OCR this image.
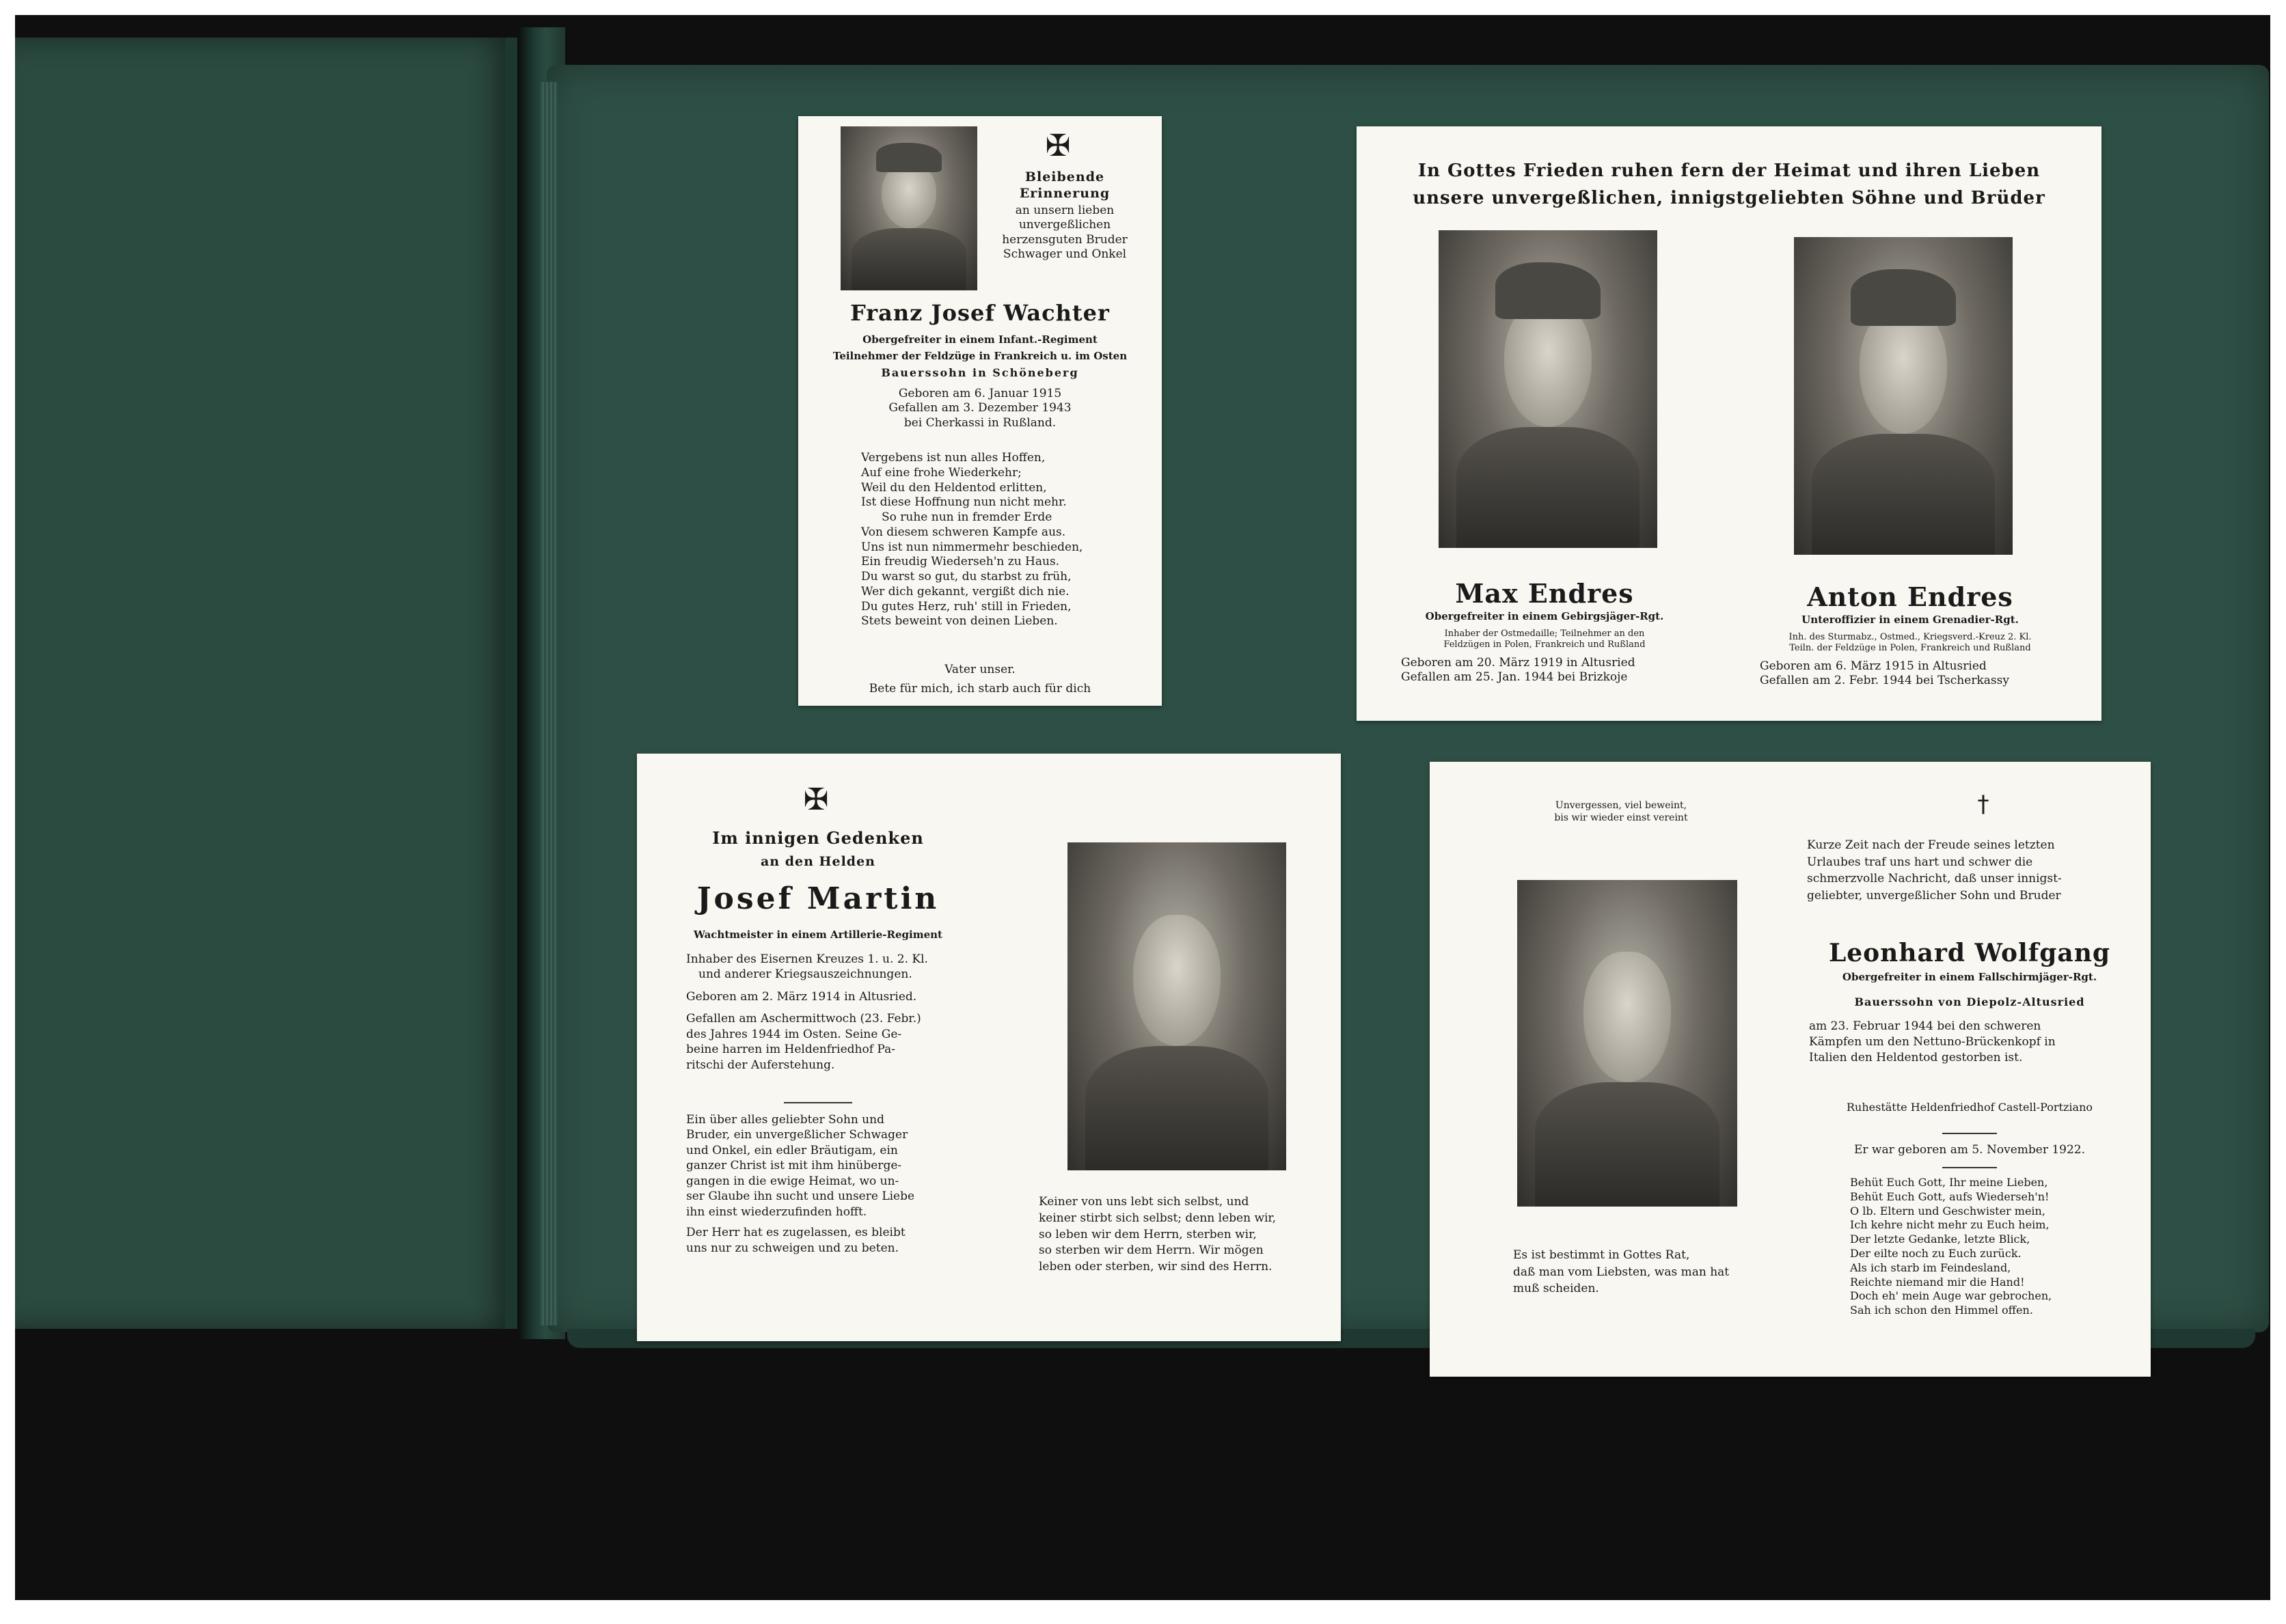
✠
Bleibende Erinnerung
an unsern lieben
unvergeßlichen
herzensguten Bruder
Schwager und Onkel
Franz Josef Wachter
Obergefreiter in einem Infant.-Regiment
Teilnehmer der Feldzüge in Frankreich u. im Osten
Bauerssohn in Schöneberg
Geboren am 6. Januar 1915
Gefallen am 3. Dezember 1943
bei Cherkassi in Rußland.
Vergebens ist nun alles Hoffen,
Auf eine frohe Wiederkehr;
Weil du den Heldentod erlitten,
Ist diese Hoffnung nun nicht mehr.
So ruhe nun in fremder Erde
Von diesem schweren Kampfe aus.
Uns ist nun nimmermehr beschieden,
Ein freudig Wiederseh'n zu Haus.
Du warst so gut, du starbst zu früh,
Wer dich gekannt, vergißt dich nie.
Du gutes Herz, ruh' still in Frieden,
Stets beweint von deinen Lieben.
Vater unser.
Bete für mich, ich starb auch für dich
In Gottes Frieden ruhen fern der Heimat und ihren Lieben
unsere unvergeßlichen, innigstgeliebten Söhne und Brüder
Max Endres
Obergefreiter in einem Gebirgsjäger-Rgt.
Inhaber der Ostmedaille; Teilnehmer an den
Feldzügen in Polen, Frankreich und Rußland
Geboren am 20. März 1919 in Altusried
Gefallen am 25. Jan. 1944 bei Brizkoje
Anton Endres
Unteroffizier in einem Grenadier-Rgt.
Inh. des Sturmabz., Ostmed., Kriegsverd.-Kreuz 2. Kl.
Teiln. der Feldzüge in Polen, Frankreich und Rußland
Geboren am 6. März 1915 in Altusried
Gefallen am 2. Febr. 1944 bei Tscherkassy
✠
Im innigen Gedenken
an den Helden
Josef Martin
Wachtmeister in einem Artillerie-Regiment
Inhaber des Eisernen Kreuzes 1. u. 2. Kl.
und anderer Kriegsauszeichnungen.
Geboren am 2. März 1914 in Altusried.
Gefallen am Aschermittwoch (23. Febr.)
des Jahres 1944 im Osten. Seine Ge-
beine harren im Heldenfriedhof Pa-
ritschi der Auferstehung.
Ein über alles geliebter Sohn und
Bruder, ein unvergeßlicher Schwager
und Onkel, ein edler Bräutigam, ein
ganzer Christ ist mit ihm hinüberge-
gangen in die ewige Heimat, wo un-
ser Glaube ihn sucht und unsere Liebe
ihn einst wiederzufinden hofft.
Der Herr hat es zugelassen, es bleibt
uns nur zu schweigen und zu beten.
Keiner von uns lebt sich selbst, und
keiner stirbt sich selbst; denn leben wir,
so leben wir dem Herrn, sterben wir,
so sterben wir dem Herrn. Wir mögen
leben oder sterben, wir sind des Herrn.
Unvergessen, viel beweint,
bis wir wieder einst vereint	†
Kurze Zeit nach der Freude seines letzten
Urlaubes traf uns hart und schwer die
schmerzvolle Nachricht, daß unser innigst-
geliebter, unvergeßlicher Sohn und Bruder
Leonhard Wolfgang
Obergefreiter in einem Fallschirmjäger-Rgt.
Bauerssohn von Diepolz-Altusried
am 23. Februar 1944 bei den schweren
Kämpfen um den Nettuno-Brückenkopf in
Italien den Heldentod gestorben ist.
Ruhestätte Heldenfriedhof Castell-Portziano
Er war geboren am 5. November 1922.
Es ist bestimmt in Gottes Rat,
daß man vom Liebsten, was man hat
muß scheiden.
Behüt Euch Gott, Ihr meine Lieben,
Behüt Euch Gott, aufs Wiederseh'n!
O lb. Eltern und Geschwister mein,
Ich kehre nicht mehr zu Euch heim,
Der letzte Gedanke, letzte Blick,
Der eilte noch zu Euch zurück.
Als ich starb im Feindesland,
Reichte niemand mir die Hand!
Doch eh' mein Auge war gebrochen,
Sah ich schon den Himmel offen.
